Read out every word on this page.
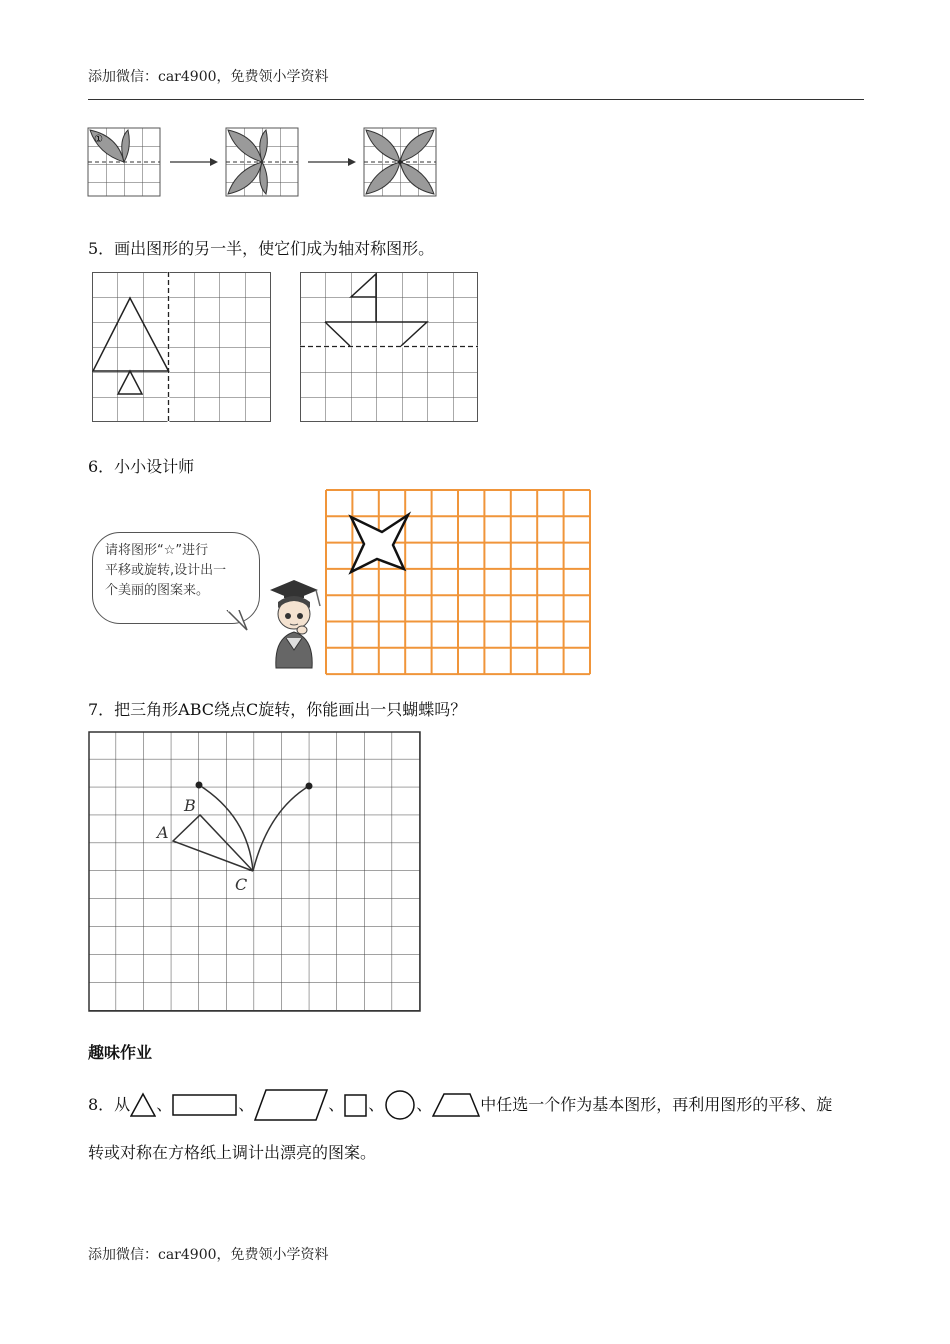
添加微信：car4900，免费领小学资料
①
5．画出图形的另一半，使它们成为轴对称图形。
6．小小设计师
请将图形“☆”进行
平移或旋转,设计出一
个美丽的图案来。
7．把三角形ABC绕点C旋转，你能画出一只蝴蝶吗？
A
B
C
趣味作业
8．从 、	、	、 、 、	中任选一个作为基本图形，再利用图形的平移、旋
转或对称在方格纸上调计出漂亮的图案。
添加微信：car4900，免费领小学资料
